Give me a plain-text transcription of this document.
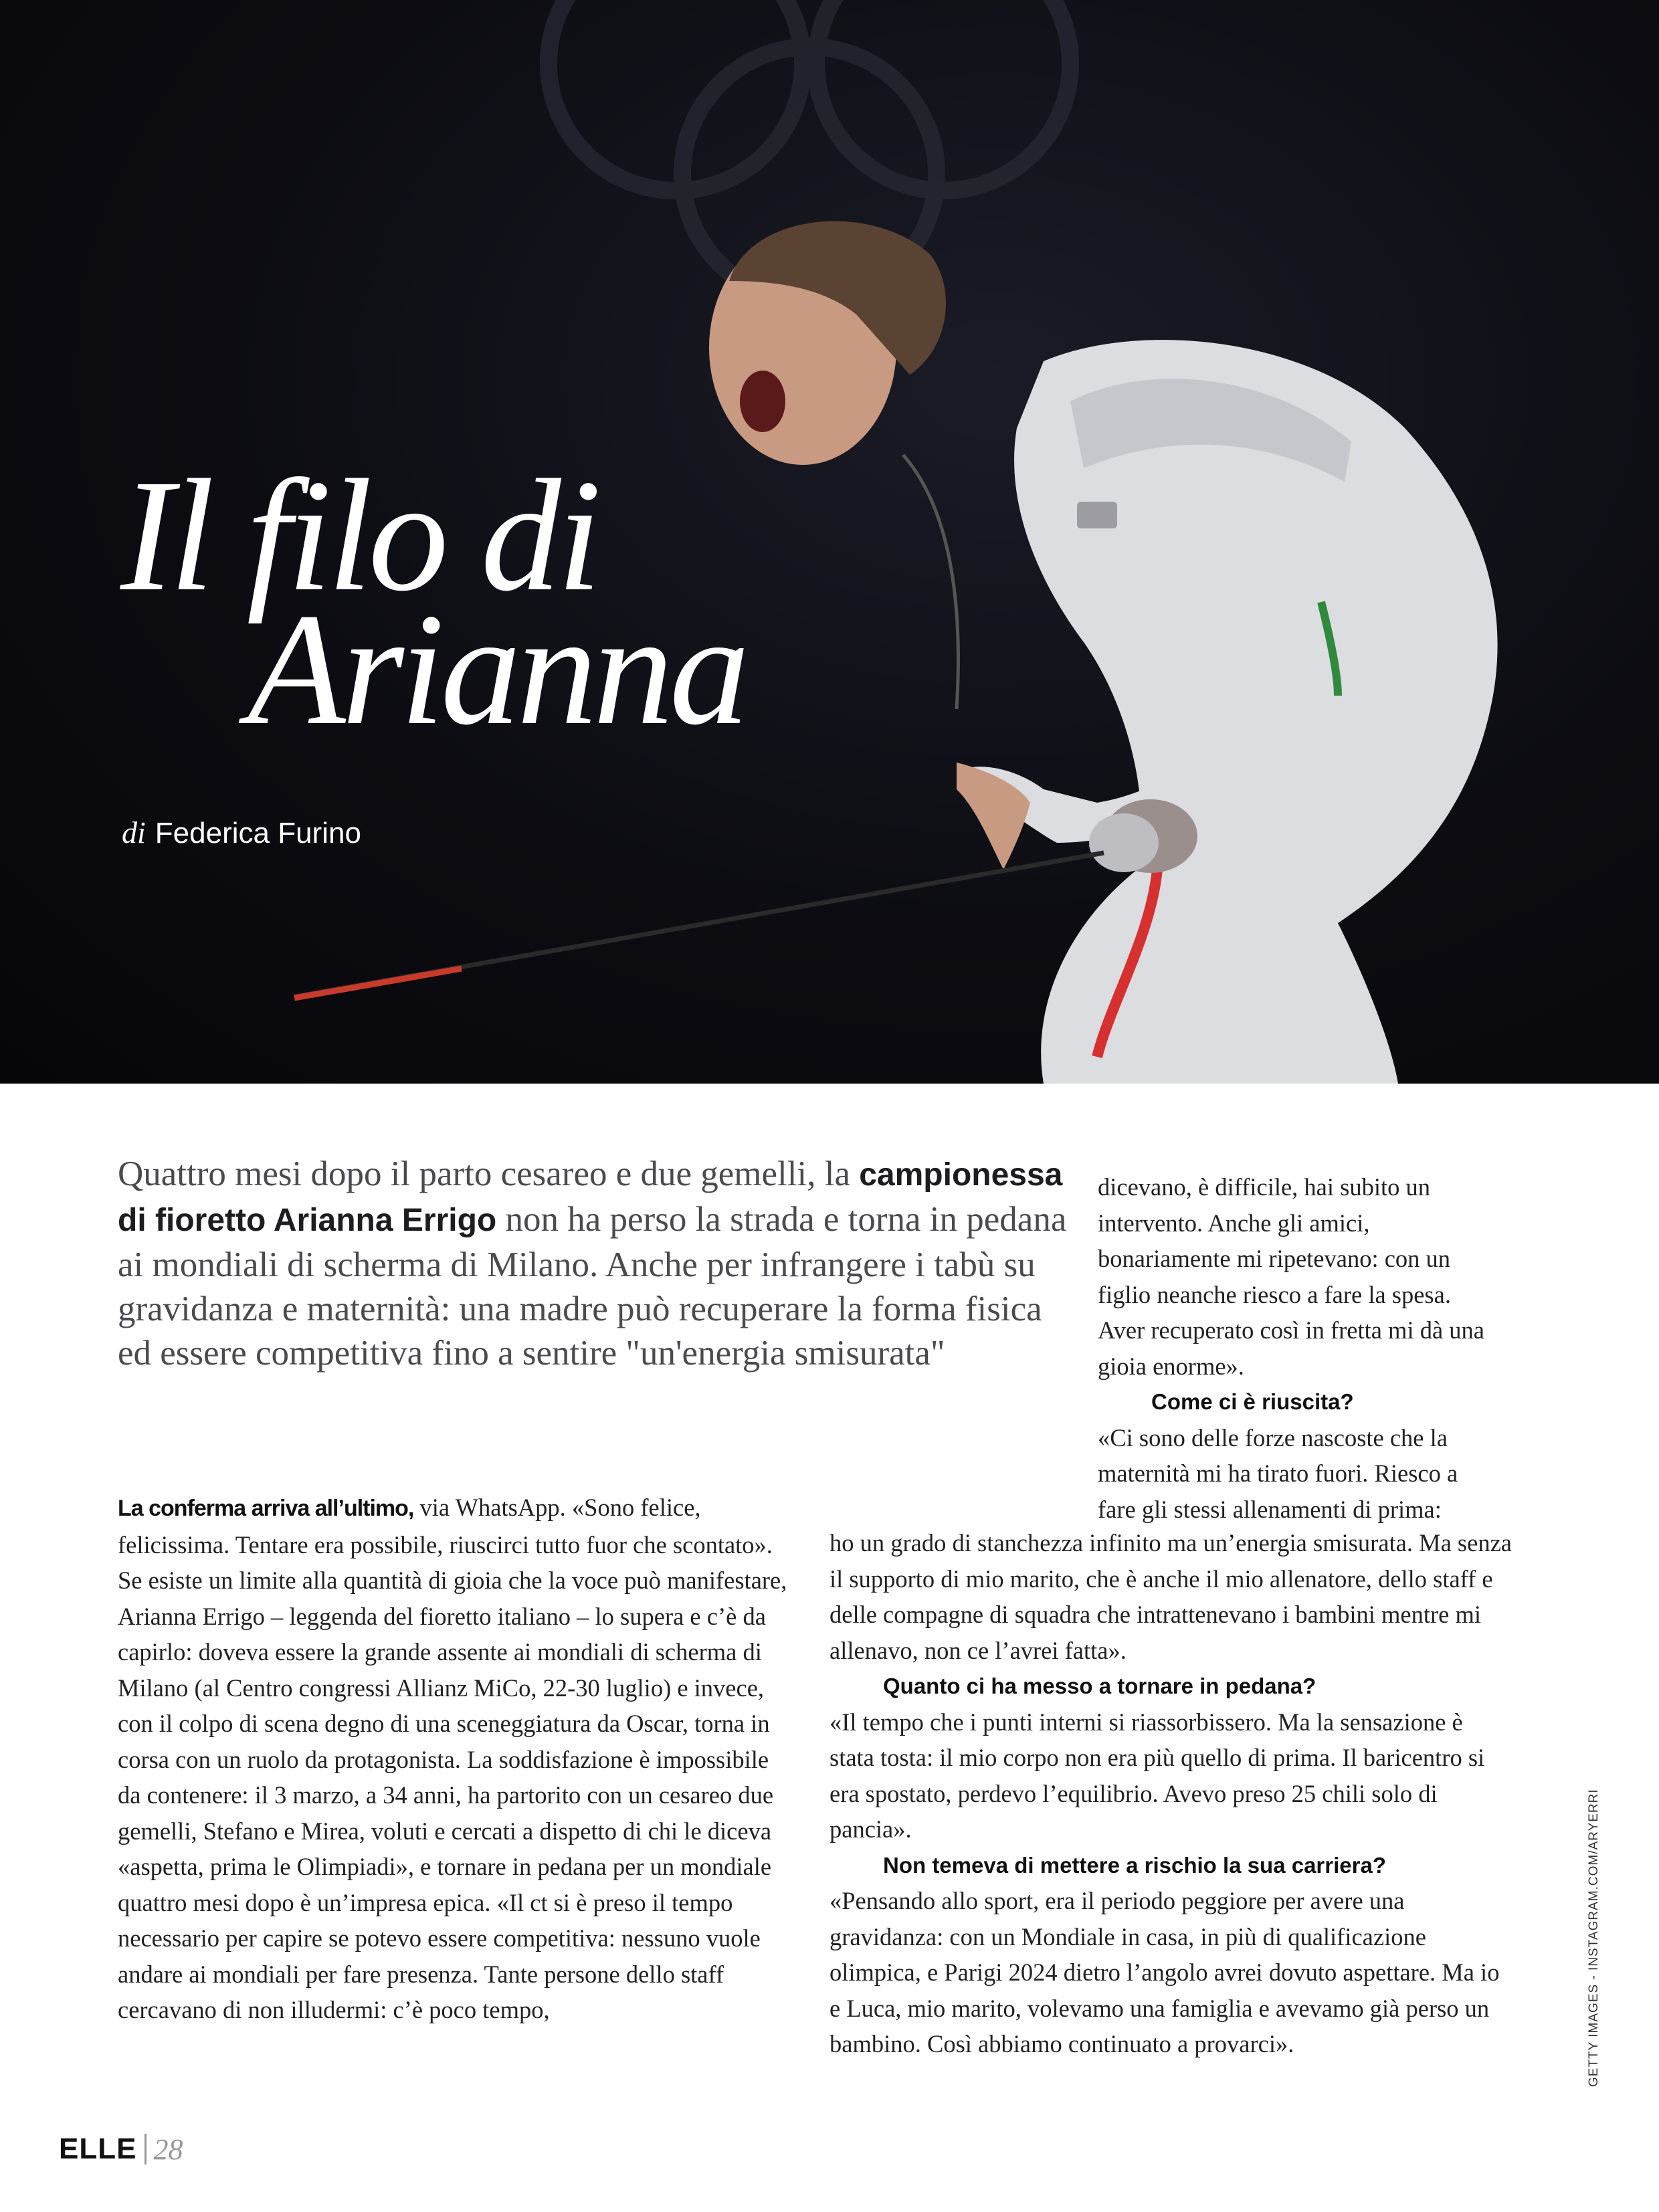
Il filo di
Arianna
di Federica Furino

Quattro mesi dopo il parto cesareo e due gemelli, la campionessa di fioretto Arianna Errigo non ha perso la strada e torna in pedana ai mondiali di scherma di Milano. Anche per infrangere i tabù su gravidanza e maternità: una madre può recuperare la forma fisica ed essere competitiva fino a sentire "un'energia smisurata"

dicevano, è difficile, hai subito un intervento. Anche gli amici, bonariamente mi ripetevano: con un figlio neanche riesco a fare la spesa. Aver recuperato così in fretta mi dà una gioia enorme».
Come ci è riuscita?
«Ci sono delle forze nascoste che la maternità mi ha tirato fuori. Riesco a fare gli stessi allenamenti di prima:
La conferma arriva all’ultimo, via WhatsApp. «Sono felice, felicissima. Tentare era possibile, riuscirci tutto fuor che scontato». Se esiste un limite alla quantità di gioia che la voce può manifestare, Arianna Errigo – leggenda del fioretto italiano – lo supera e c’è da capirlo: doveva essere la grande assente ai mondiali di scherma di Milano (al Centro congressi Allianz MiCo, 22-30 luglio) e invece, con il colpo di scena degno di una sceneggiatura da Oscar, torna in corsa con un ruolo da protagonista. La soddisfazione è impossibile da contenere: il 3 marzo, a 34 anni, ha partorito con un cesareo due gemelli, Stefano e Mirea, voluti e cercati a dispetto di chi le diceva «aspetta, prima le Olimpiadi», e tornare in pedana per un mondiale quattro mesi dopo è un’impresa epica. «Il ct si è preso il tempo necessario per capire se potevo essere competitiva: nessuno vuole andare ai mondiali per fare presenza. Tante persone dello staff cercavano di non illudermi: c’è poco tempo,
ho un grado di stanchezza infinito ma un’energia smisurata. Ma senza il supporto di mio marito, che è anche il mio allenatore, dello staff e delle compagne di squadra che intrattenevano i bambini mentre mi allenavo, non ce l’avrei fatta».
Quanto ci ha messo a tornare in pedana?
«Il tempo che i punti interni si riassorbissero. Ma la sensazione è stata tosta: il mio corpo non era più quello di prima. Il baricentro si era spostato, perdevo l’equilibrio. Avevo preso 25 chili solo di pancia».
Non temeva di mettere a rischio la sua carriera?
«Pensando allo sport, era il periodo peggiore per avere una gravidanza: con un Mondiale in casa, in più di qualificazione olimpica, e Parigi 2024 dietro l’angolo avrei dovuto aspettare. Ma io e Luca, mio marito, volevamo una famiglia e avevamo già perso un bambino. Così abbiamo continuato a provarci».	GETTY IMAGES - INSTAGRAM.COM/ARYERRI
ELLE 28
